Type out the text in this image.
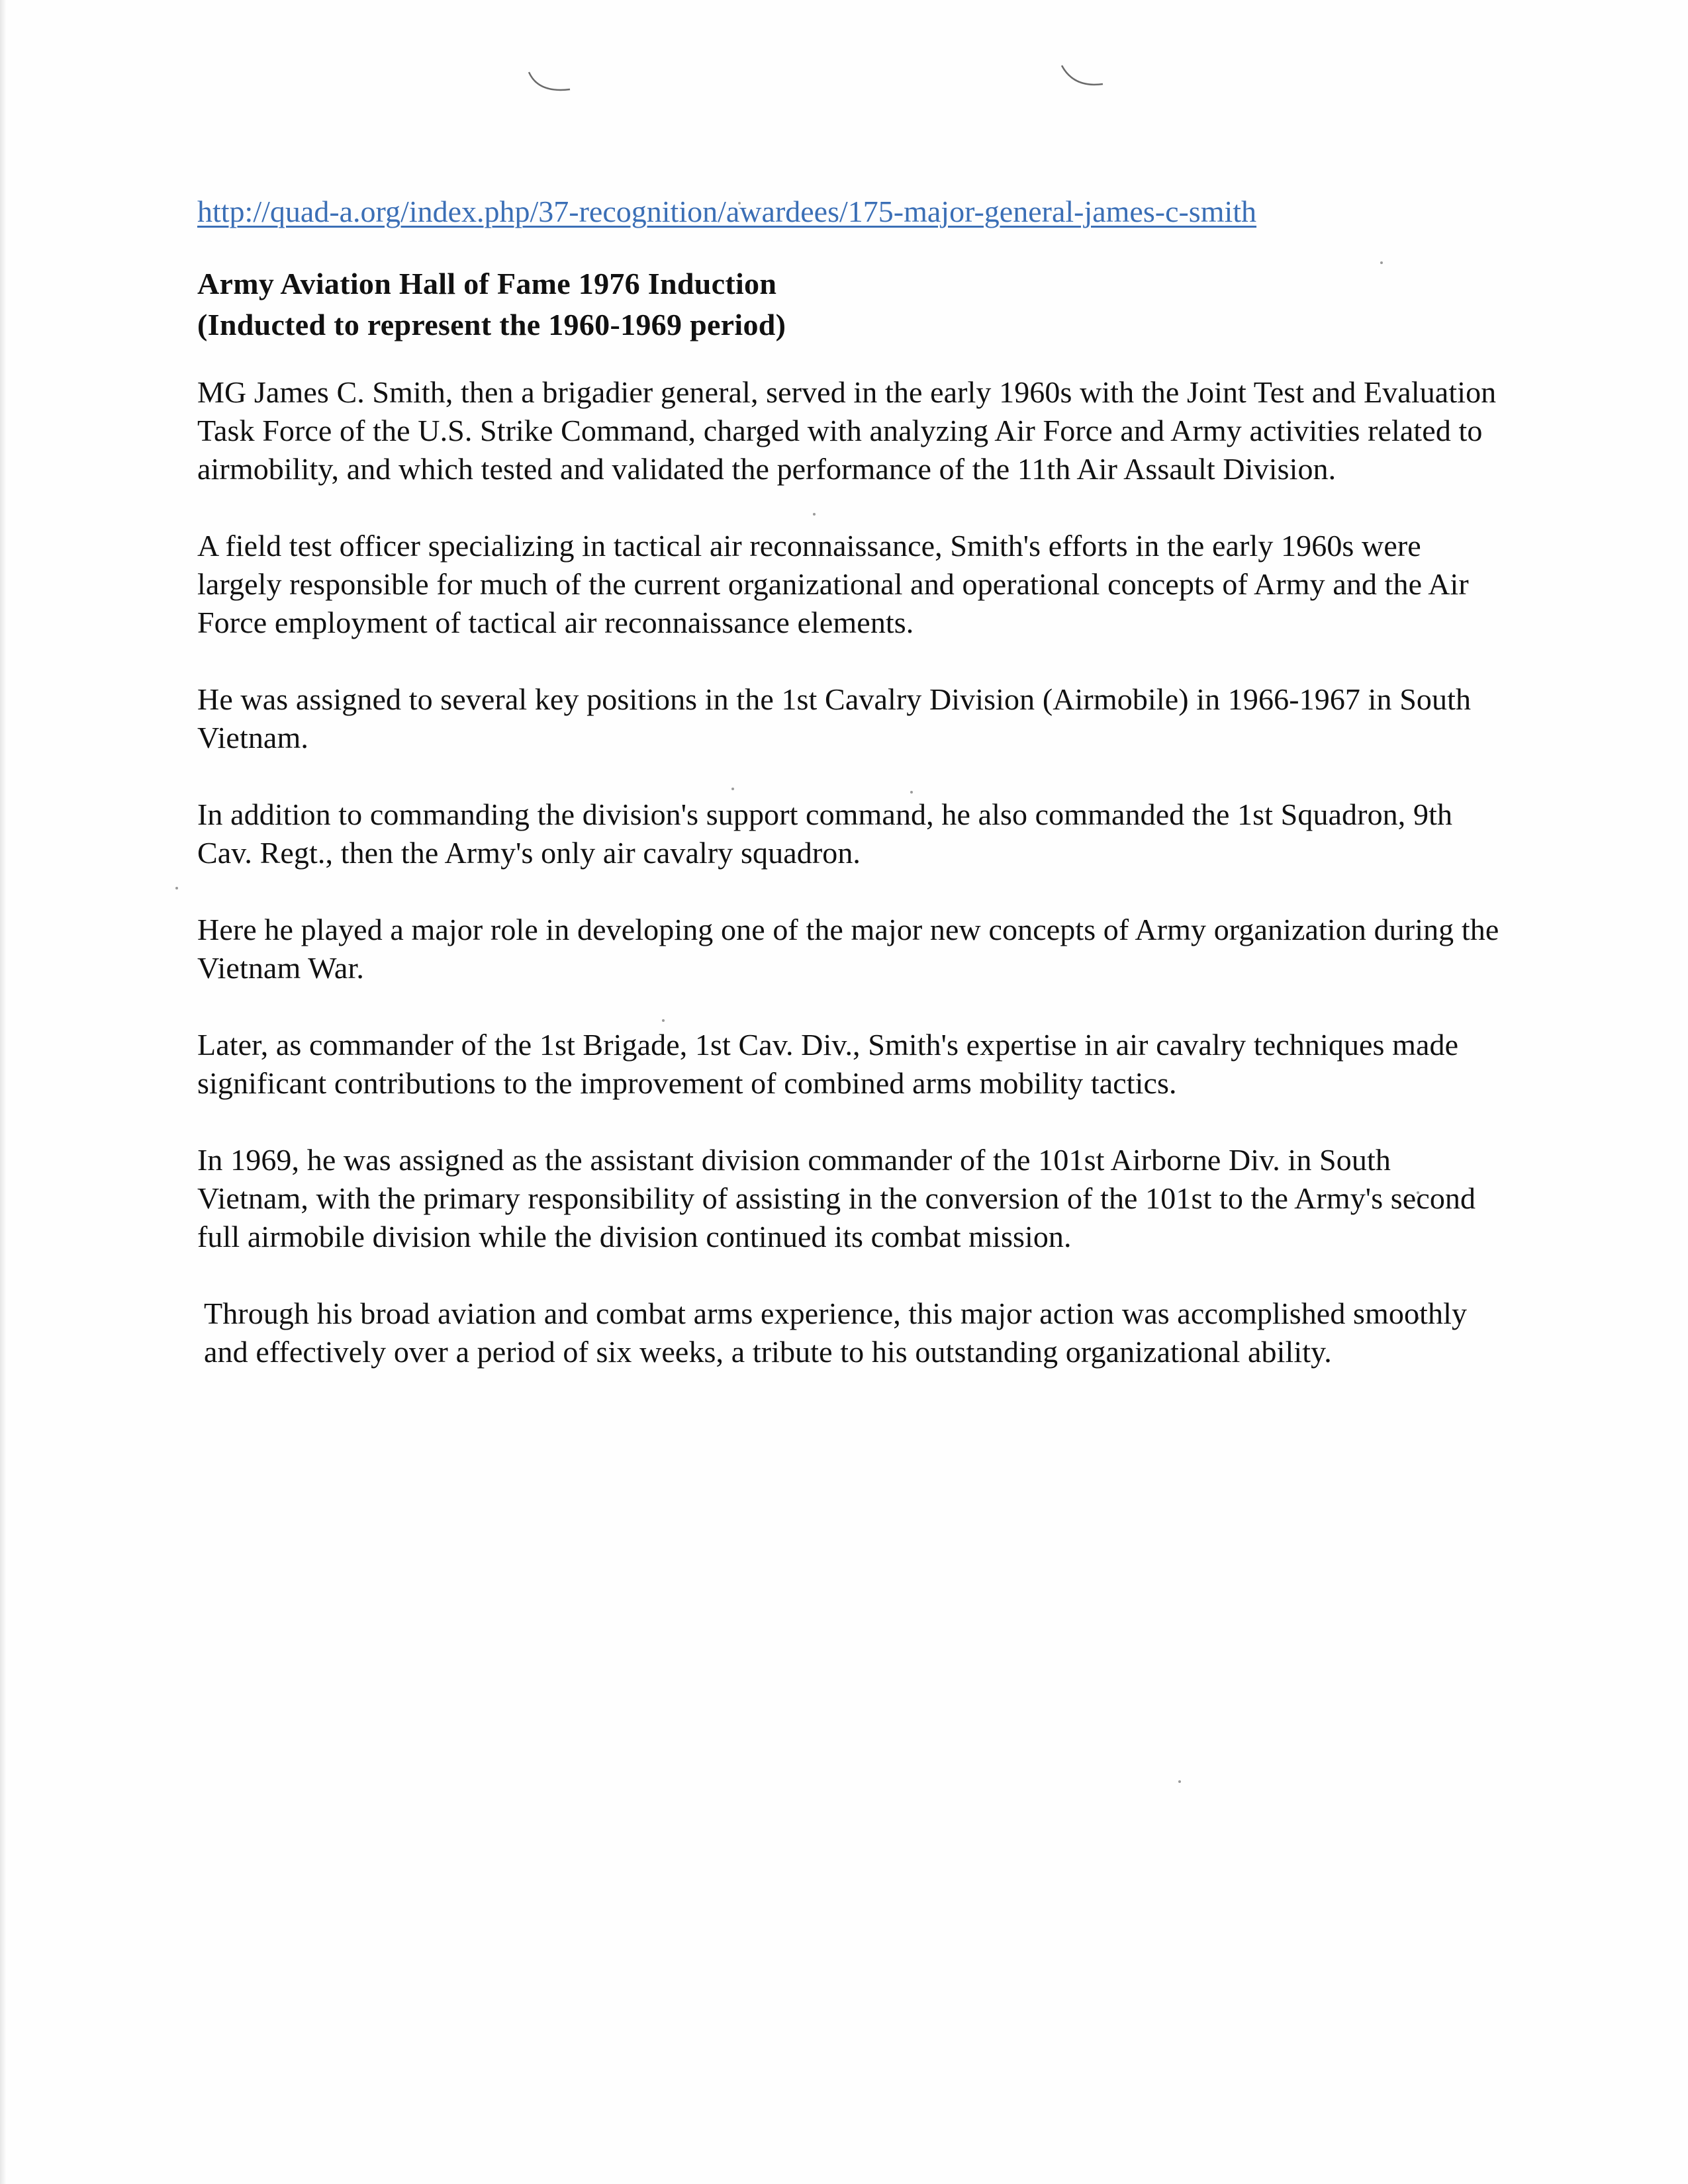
http://quad-a.org/index.php/37-recognition/awardees/175-major-general-james-c-smith
Army Aviation Hall of Fame 1976 Induction
(Inducted to represent the 1960-1969 period)

MG James C. Smith, then a brigadier general, served in the early 1960s with the Joint Test and Evaluation Task Force of the U.S. Strike Command, charged with analyzing Air Force and Army activities related to airmobility, and which tested and validated the performance of the 11th Air Assault Division.

A field test officer specializing in tactical air reconnaissance, Smith's efforts in the early 1960s were largely responsible for much of the current organizational and operational concepts of Army and the Air Force employment of tactical air reconnaissance elements.

He was assigned to several key positions in the 1st Cavalry Division (Airmobile) in 1966-1967 in South Vietnam.

In addition to commanding the division's support command, he also commanded the 1st Squadron, 9th Cav. Regt., then the Army's only air cavalry squadron.

Here he played a major role in developing one of the major new concepts of Army organization during the Vietnam War.

Later, as commander of the 1st Brigade, 1st Cav. Div., Smith's expertise in air cavalry techniques made significant contributions to the improvement of combined arms mobility tactics.

In 1969, he was assigned as the assistant division commander of the 101st Airborne Div. in South Vietnam, with the primary responsibility of assisting in the conversion of the 101st to the Army's second full airmobile division while the division continued its combat mission.

Through his broad aviation and combat arms experience, this major action was accomplished smoothly and effectively over a period of six weeks, a tribute to his outstanding organizational ability.
